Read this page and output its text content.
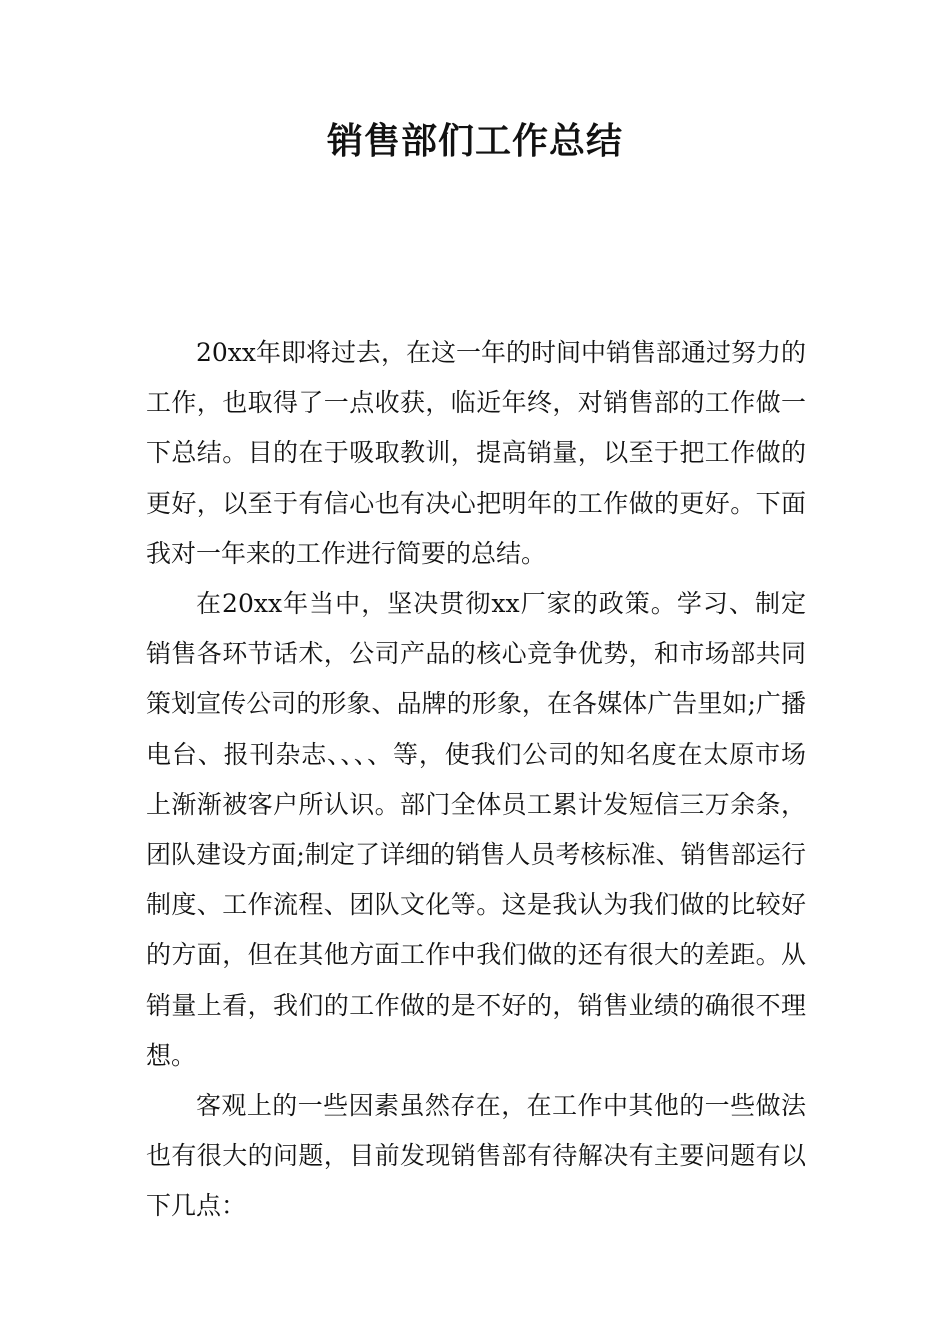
销售部们工作总结

20xx年即将过去，在这一年的时间中销售部通过努力的工作，也取得了一点收获，临近年终，对销售部的工作做一下总结。目的在于吸取教训，提高销量，以至于把工作做的更好，以至于有信心也有决心把明年的工作做的更好。下面我对一年来的工作进行简要的总结。

在20xx年当中，坚决贯彻xx厂家的政策。学习、制定销售各环节话术，公司产品的核心竞争优势，和市场部共同策划宣传公司的形象、品牌的形象，在各媒体广告里如;广播电台、报刊杂志、、、、等，使我们公司的知名度在太原市场上渐渐被客户所认识。部门全体员工累计发短信三万余条，团队建设方面;制定了详细的销售人员考核标准、销售部运行制度、工作流程、团队文化等。这是我认为我们做的比较好的方面，但在其他方面工作中我们做的还有很大的差距。从销量上看，我们的工作做的是不好的，销售业绩的确很不理想。

客观上的一些因素虽然存在，在工作中其他的一些做法也有很大的问题，目前发现销售部有待解决有主要问题有以下几点：
